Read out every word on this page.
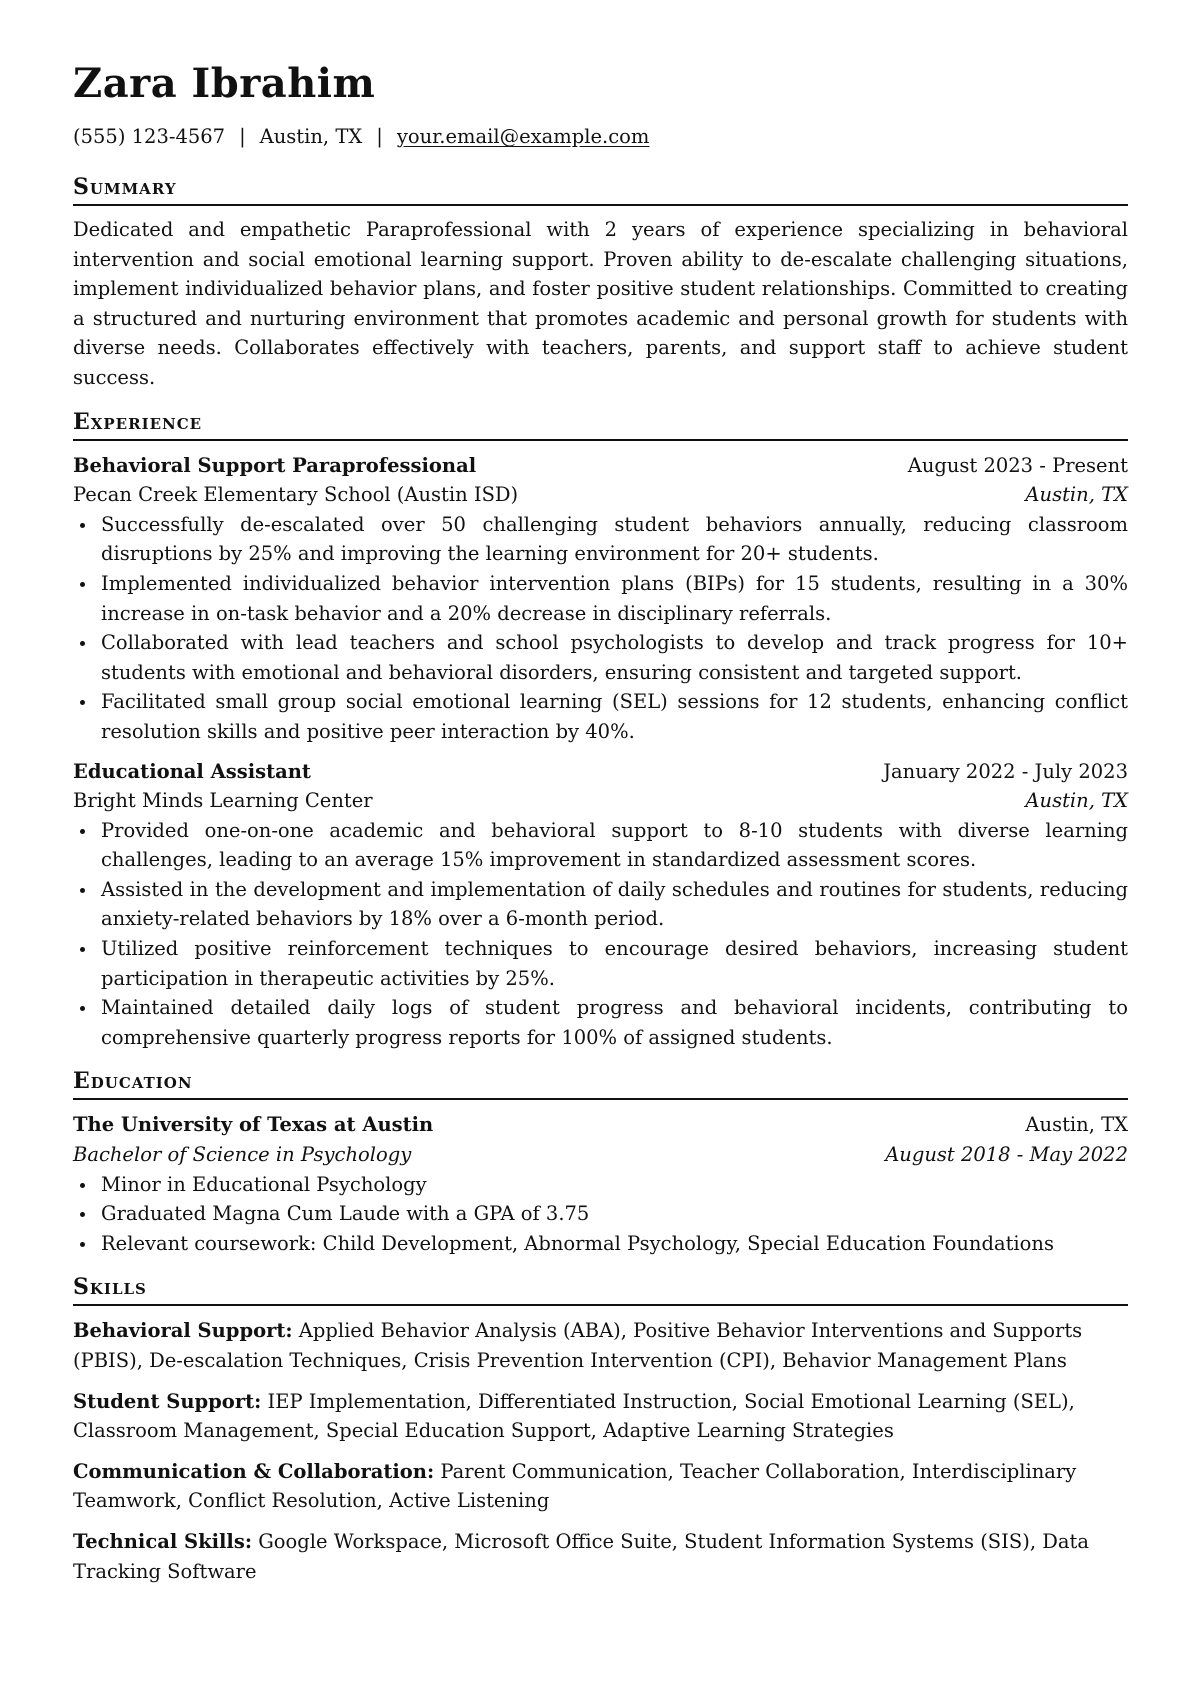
Zara Ibrahim
(555) 123-4567 | Austin, TX | your.email@example.com
Summary

Dedicated and empathetic Paraprofessional with 2 years of experience specializing in behavioral intervention and social emotional learning support. Proven ability to de-escalate challenging situations, implement individualized behavior plans, and foster positive student relationships. Committed to creating a structured and nurturing environment that promotes academic and personal growth for students with diverse needs. Collaborates effectively with teachers, parents, and support staff to achieve student success.

Experience
Behavioral Support Paraprofessional	August 2023 - Present
Pecan Creek Elementary School (Austin ISD)	Austin, TX
Successfully de-escalated over 50 challenging student behaviors annually, reducing classroom disruptions by 25% and improving the learning environment for 20+ students.
Implemented individualized behavior intervention plans (BIPs) for 15 students, resulting in a 30% increase in on-task behavior and a 20% decrease in disciplinary referrals.
Collaborated with lead teachers and school psychologists to develop and track progress for 10+ students with emotional and behavioral disorders, ensuring consistent and targeted support.
Facilitated small group social emotional learning (SEL) sessions for 12 students, enhancing conflict resolution skills and positive peer interaction by 40%.
Educational Assistant	January 2022 - July 2023
Bright Minds Learning Center	Austin, TX
Provided one-on-one academic and behavioral support to 8-10 students with diverse learning challenges, leading to an average 15% improvement in standardized assessment scores.
Assisted in the development and implementation of daily schedules and routines for students, reducing anxiety-related behaviors by 18% over a 6-month period.
Utilized positive reinforcement techniques to encourage desired behaviors, increasing student participation in therapeutic activities by 25%.
Maintained detailed daily logs of student progress and behavioral incidents, contributing to comprehensive quarterly progress reports for 100% of assigned students.
Education
The University of Texas at Austin	Austin, TX
Bachelor of Science in Psychology	August 2018 - May 2022
Minor in Educational Psychology
Graduated Magna Cum Laude with a GPA of 3.75
Relevant coursework: Child Development, Abnormal Psychology, Special Education Foundations
Skills
Behavioral Support: Applied Behavior Analysis (ABA), Positive Behavior Interventions and Supports (PBIS), De-escalation Techniques, Crisis Prevention Intervention (CPI), Behavior Management Plans
Student Support: IEP Implementation, Differentiated Instruction, Social Emotional Learning (SEL), Classroom Management, Special Education Support, Adaptive Learning Strategies
Communication & Collaboration: Parent Communication, Teacher Collaboration, Interdisciplinary Teamwork, Conflict Resolution, Active Listening
Technical Skills: Google Workspace, Microsoft Office Suite, Student Information Systems (SIS), Data Tracking Software
